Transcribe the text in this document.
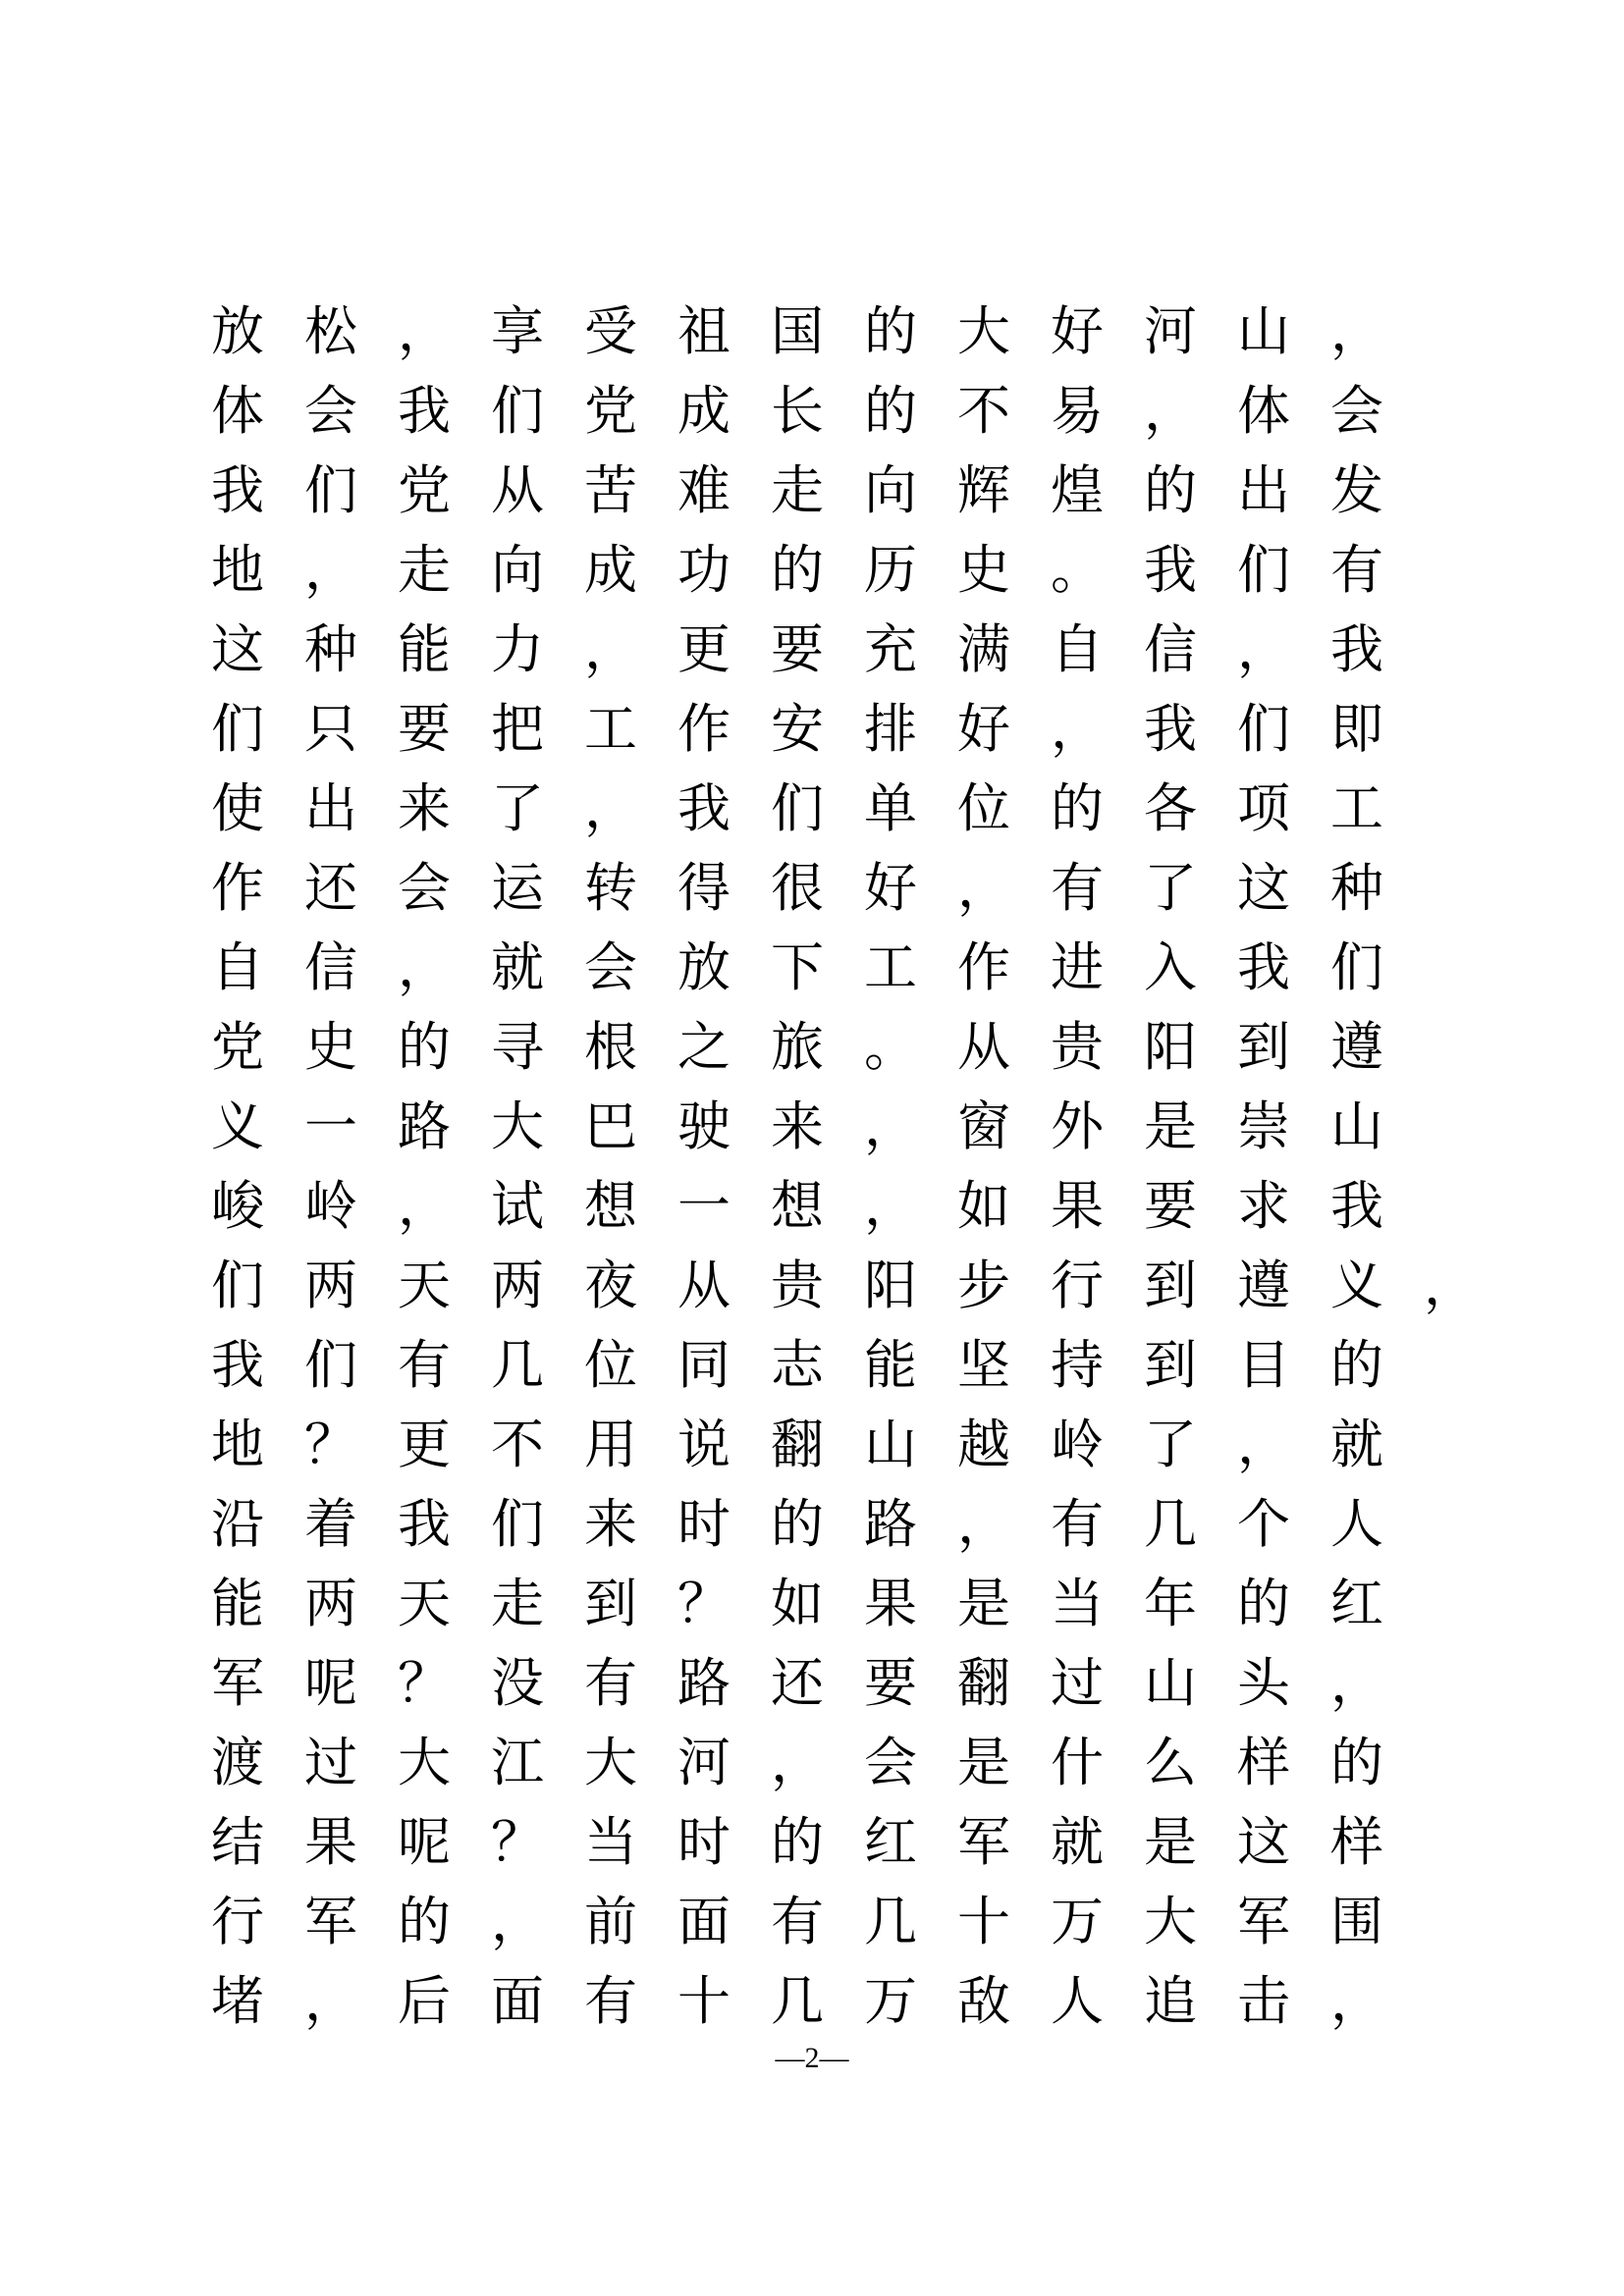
放松，享受祖国的大好河山，
体会我们党成长的不易，体会
我们党从苦难走向辉煌的出发
地，走向成功的历史。我们有
这种能力，更要充满自信，我
们只要把工作安排好，我们即
使出来了，我们单位的各项工
作还会运转得很好，有了这种
自信，就会放下工作进入我们
党史的寻根之旅。从贵阳到遵
义一路大巴驶来，窗外是崇山
峻岭，试想一想，如果要求我
们两天两夜从贵阳步行到遵义，
我们有几位同志能坚持到目的
地？更不用说翻山越岭了，就
沿着我们来时的路，有几个人
能两天走到？如果是当年的红
军呢？没有路还要翻过山头，
渡过大江大河，会是什么样的
结果呢？当时的红军就是这样
行军的，前面有几十万大军围
堵，后面有十几万敌人追击，
—2—
